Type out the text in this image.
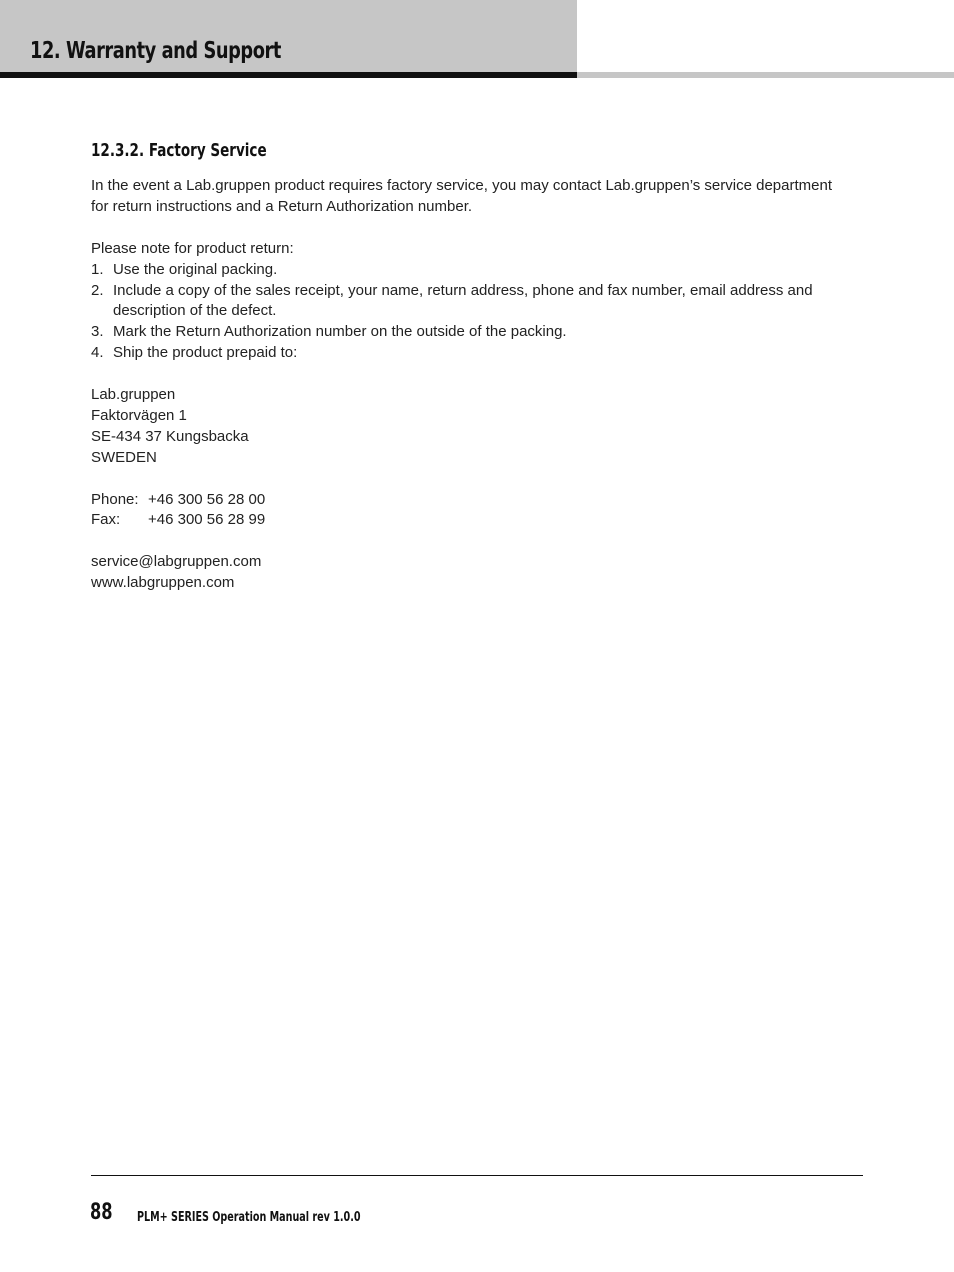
12. Warranty and Support
12.3.2. Factory Service

In the event a Lab.gruppen product requires factory service, you may contact Lab.gruppen’s service department
for return instructions and a Return Authorization number.

Please note for product return:

1. Use the original packing.
2. Include a copy of the sales receipt, your name, return address, phone and fax number, email address and description of the defect.
3. Mark the Return Authorization number on the outside of the packing.
4. Ship the product prepaid to:

Lab.gruppen

Faktorvägen 1

SE-434 37 Kungsbacka

SWEDEN

Phone: +46 300 56 28 00
Fax:	+46 300 56 28 99

service@labgruppen.com

www.labgruppen.com

88 PLM+ SERIES Operation Manual rev 1.0.0
